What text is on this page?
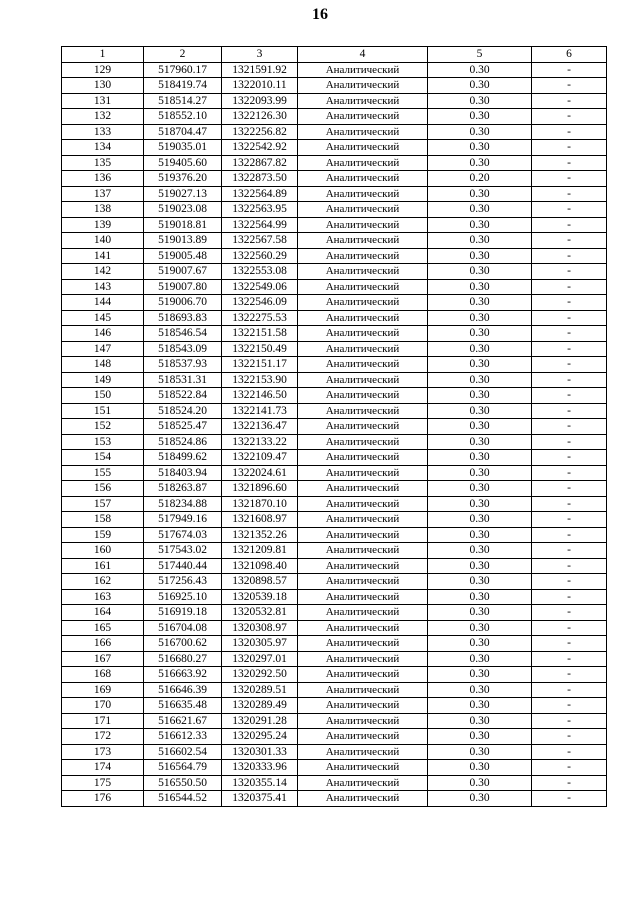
16
1	2	3	4	5	6
129	517960.17	1321591.92	Аналитический	0.30	-
130	518419.74	1322010.11	Аналитический	0.30	-
131	518514.27	1322093.99	Аналитический	0.30	-
132	518552.10	1322126.30	Аналитический	0.30	-
133	518704.47	1322256.82	Аналитический	0.30	-
134	519035.01	1322542.92	Аналитический	0.30	-
135	519405.60	1322867.82	Аналитический	0.30	-
136	519376.20	1322873.50	Аналитический	0.20	-
137	519027.13	1322564.89	Аналитический	0.30	-
138	519023.08	1322563.95	Аналитический	0.30	-
139	519018.81	1322564.99	Аналитический	0.30	-
140	519013.89	1322567.58	Аналитический	0.30	-
141	519005.48	1322560.29	Аналитический	0.30	-
142	519007.67	1322553.08	Аналитический	0.30	-
143	519007.80	1322549.06	Аналитический	0.30	-
144	519006.70	1322546.09	Аналитический	0.30	-
145	518693.83	1322275.53	Аналитический	0.30	-
146	518546.54	1322151.58	Аналитический	0.30	-
147	518543.09	1322150.49	Аналитический	0.30	-
148	518537.93	1322151.17	Аналитический	0.30	-
149	518531.31	1322153.90	Аналитический	0.30	-
150	518522.84	1322146.50	Аналитический	0.30	-
151	518524.20	1322141.73	Аналитический	0.30	-
152	518525.47	1322136.47	Аналитический	0.30	-
153	518524.86	1322133.22	Аналитический	0.30	-
154	518499.62	1322109.47	Аналитический	0.30	-
155	518403.94	1322024.61	Аналитический	0.30	-
156	518263.87	1321896.60	Аналитический	0.30	-
157	518234.88	1321870.10	Аналитический	0.30	-
158	517949.16	1321608.97	Аналитический	0.30	-
159	517674.03	1321352.26	Аналитический	0.30	-
160	517543.02	1321209.81	Аналитический	0.30	-
161	517440.44	1321098.40	Аналитический	0.30	-
162	517256.43	1320898.57	Аналитический	0.30	-
163	516925.10	1320539.18	Аналитический	0.30	-
164	516919.18	1320532.81	Аналитический	0.30	-
165	516704.08	1320308.97	Аналитический	0.30	-
166	516700.62	1320305.97	Аналитический	0.30	-
167	516680.27	1320297.01	Аналитический	0.30	-
168	516663.92	1320292.50	Аналитический	0.30	-
169	516646.39	1320289.51	Аналитический	0.30	-
170	516635.48	1320289.49	Аналитический	0.30	-
171	516621.67	1320291.28	Аналитический	0.30	-
172	516612.33	1320295.24	Аналитический	0.30	-
173	516602.54	1320301.33	Аналитический	0.30	-
174	516564.79	1320333.96	Аналитический	0.30	-
175	516550.50	1320355.14	Аналитический	0.30	-
176	516544.52	1320375.41	Аналитический	0.30	-
